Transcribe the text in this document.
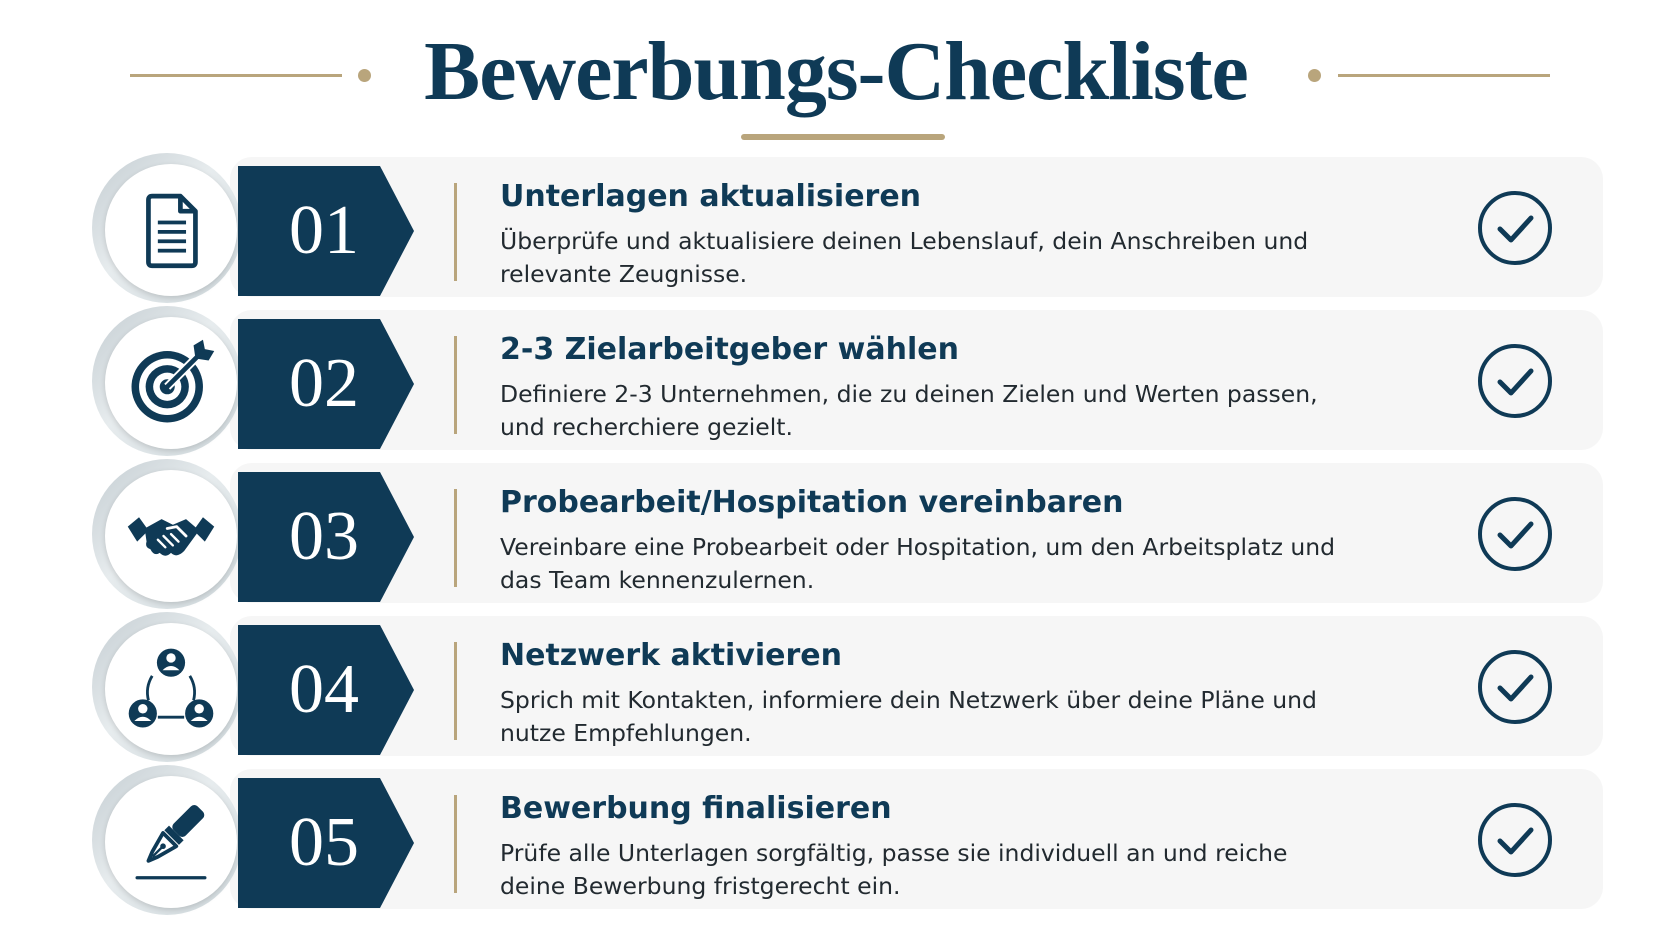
Bewerbungs-Checkliste
01	Unterlagen aktualisieren
Überprüfe und aktualisiere deinen Lebenslauf, dein Anschreiben und relevante Zeugnisse.
02	2-3 Zielarbeitgeber wählen
Definiere 2-3 Unternehmen, die zu deinen Zielen und Werten passen, und recherchiere gezielt.
03	Probearbeit/Hospitation vereinbaren
Vereinbare eine Probearbeit oder Hospitation, um den Arbeitsplatz und das Team kennenzulernen.
04	Netzwerk aktivieren
Sprich mit Kontakten, informiere dein Netzwerk über deine Pläne und nutze Empfehlungen.
05	Bewerbung finalisieren
Prüfe alle Unterlagen sorgfältig, passe sie individuell an und reiche deine Bewerbung fristgerecht ein.
